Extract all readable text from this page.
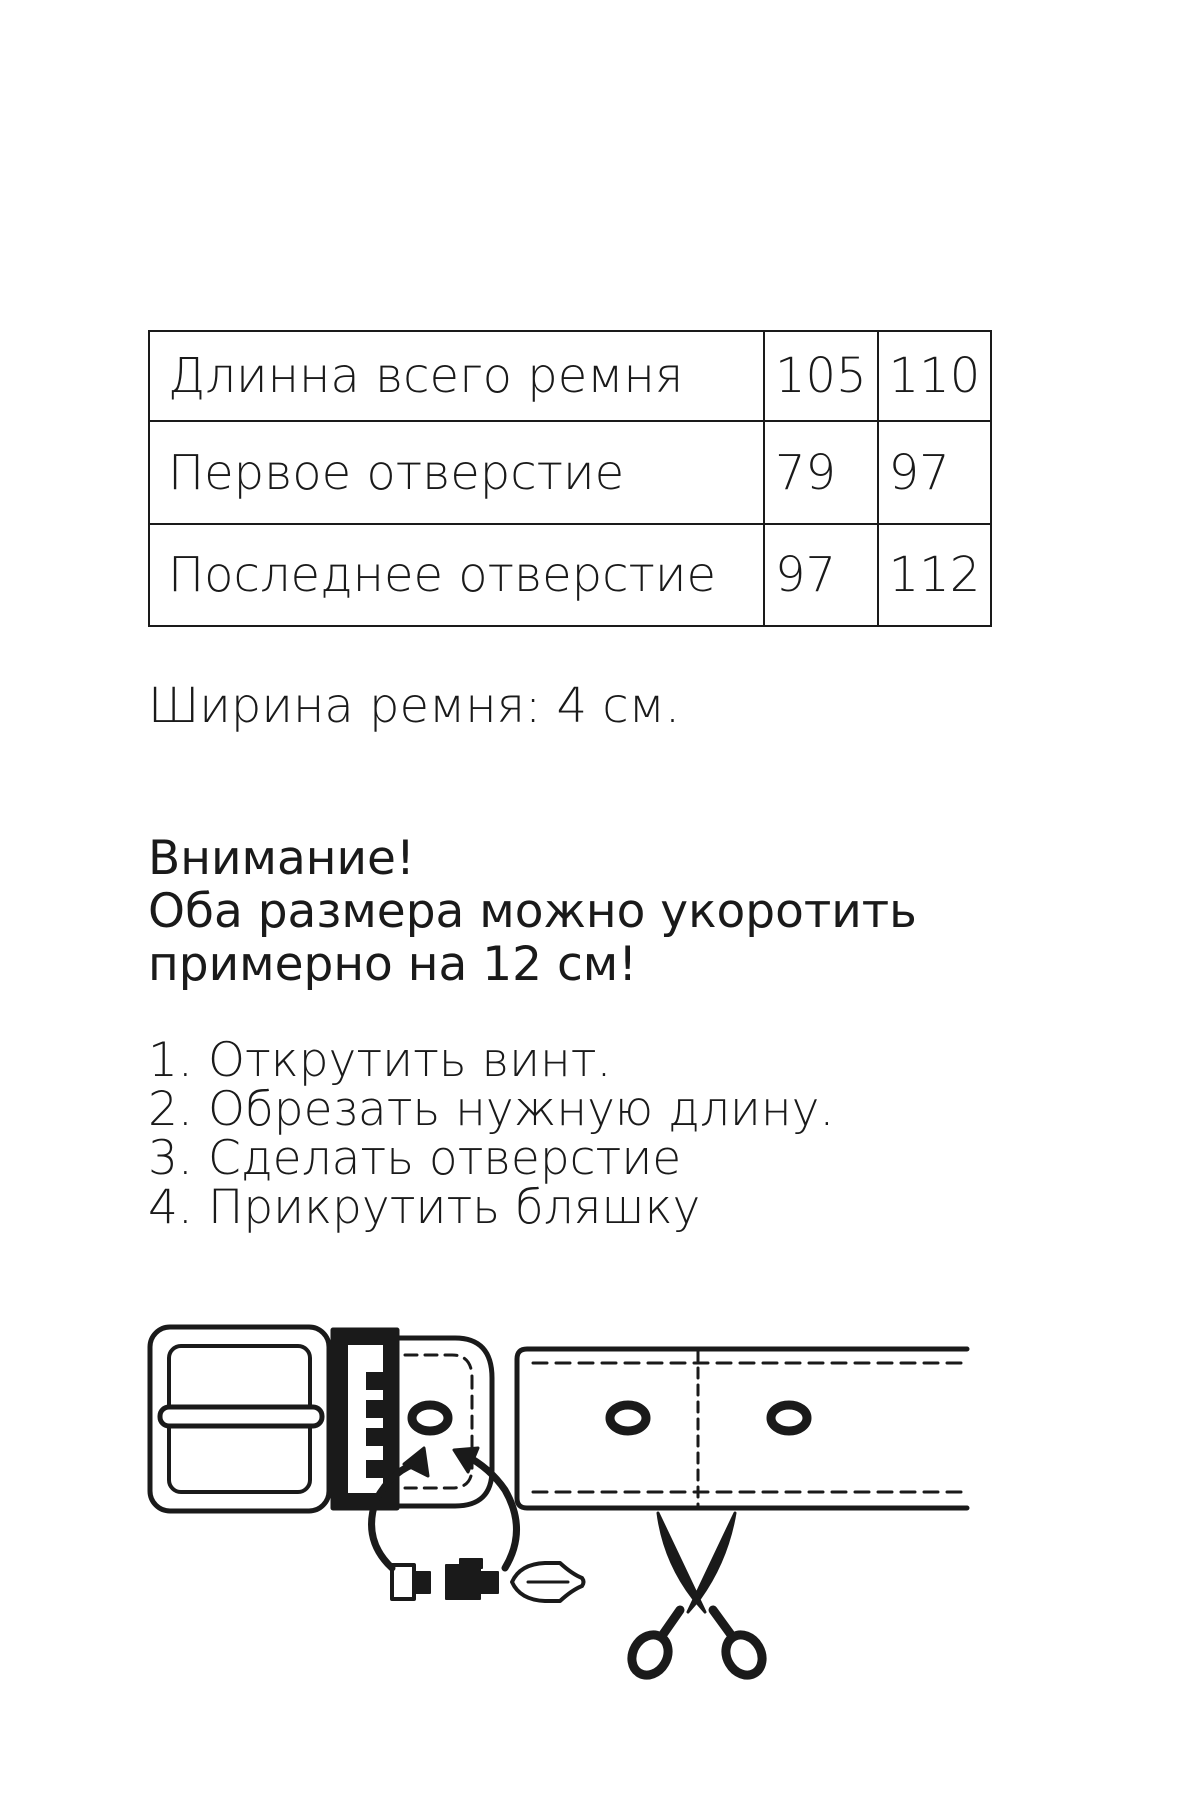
Длинна всего ремня	105	110
Первое отверстие	79	97
Последнее отверстие	97	112

Ширина ремня: 4 см.

Внимание!
Оба размера можно укоротить
примерно на 12 см!
1. Открутить винт.
2. Обрезать нужную длину.
3. Сделать отверстие
4. Прикрутить бляшку
